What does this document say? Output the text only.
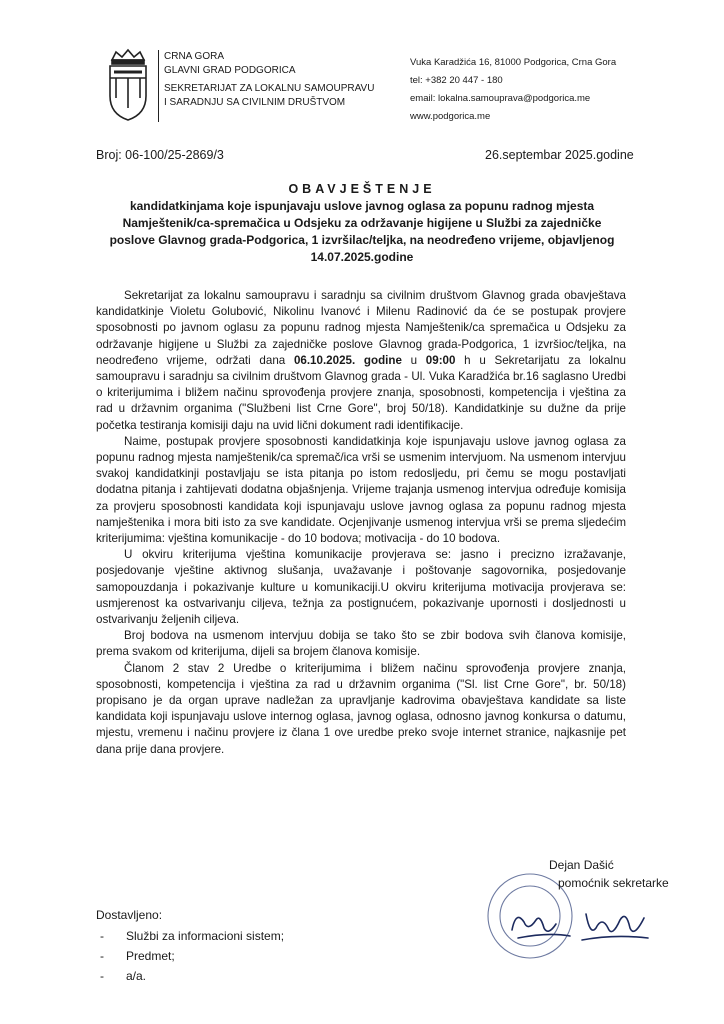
CRNA GORA
GLAVNI GRAD PODGORICA
SEKRETARIJAT ZA LOKALNU SAMOUPRAVU
I SARADNJU SA CIVILNIM DRUŠTVOM
Vuka Karadžića 16, 81000 Podgorica, Crna Gora
tel: +382 20 447 - 180
email: lokalna.samouprava@podgorica.me
www.podgorica.me
Broj: 06-100/25-2869/3	26.septembar 2025.godine
OBAVJEŠTENJE
kandidatkinjama koje ispunjavaju uslove javnog oglasa za popunu radnog mjesta Namještenik/ca-spremačica u Odsjeku za održavanje higijene u Službi za zajedničke poslove Glavnog grada-Podgorica, 1 izvršilac/teljka, na neodređeno vrijeme, objavljenog 14.07.2025.godine

Sekretarijat za lokalnu samoupravu i saradnju sa civilnim društvom Glavnog grada obavještava kandidatkinje Violetu Golubović, Nikolinu Ivanovć i Milenu Radinović da će se postupak provjere sposobnosti po javnom oglasu za popunu radnog mjesta Namještenik/ca spremačica u Odsjeku za održavanje higijene u Službi za zajedničke poslove Glavnog grada-Podgorica, 1 izvršioc/teljka, na neodređeno vrijeme, održati dana 06.10.2025. godine u 09:00 h u Sekretarijatu za lokalnu samoupravu i saradnju sa civilnim društvom Glavnog grada - Ul. Vuka Karadžića br.16 saglasno Uredbi o kriterijumima i bližem načinu sprovođenja provjere znanja, sposobnosti, kompetencija i vještina za rad u državnim organima ("Službeni list Crne Gore", broj 50/18). Kandidatkinje su dužne da prije početka testiranja komisiji daju na uvid lični dokument radi identifikacije.

Naime, postupak provjere sposobnosti kandidatkinja koje ispunjavaju uslove javnog oglasa za popunu radnog mjesta namještenik/ca spremač/ica vrši se usmenim intervjuom. Na usmenom intervjuu svakoj kandidatkinji postavljaju se ista pitanja po istom redosljedu, pri čemu se mogu postavljati dodatna pitanja i zahtijevati dodatna objašnjenja. Vrijeme trajanja usmenog intervjua određuje komisija za provjeru sposobnosti kandidata koji ispunjavaju uslove javnog oglasa za popunu radnog mjesta namještenika i mora biti isto za sve kandidate. Ocjenjivanje usmenog intervjua vrši se prema sljedećim kriterijumima: vještina komunikacije - do 10 bodova; motivacija - do 10 bodova.

U okviru kriterijuma vještina komunikacije provjerava se: jasno i precizno izražavanje, posjedovanje vještine aktivnog slušanja, uvažavanje i poštovanje sagovornika, posjedovanje samopouzdanja i pokazivanje kulture u komunikaciji.U okviru kriterijuma motivacija provjerava se: usmjerenost ka ostvarivanju ciljeva, težnja za postignućem, pokazivanje upornosti i dosljednosti u ostvarivanju željenih ciljeva.

Broj bodova na usmenom intervjuu dobija se tako što se zbir bodova svih članova komisije, prema svakom od kriterijuma, dijeli sa brojem članova komisije.

Članom 2 stav 2 Uredbe o kriterijumima i bližem načinu sprovođenja provjere znanja, sposobnosti, kompetencija i vještina za rad u državnim organima ("Sl. list Crne Gore", br. 50/18) propisano je da organ uprave nadležan za upravljanje kadrovima obavještava kandidate sa liste kandidata koji ispunjavaju uslove internog oglasa, javnog oglasa, odnosno javnog konkursa o datumu, mjestu, vremenu i načinu provjere iz člana 1 ove uredbe preko svoje internet stranice, najkasnije pet dana prije dana provjere.

Dejan Dašić
pomoćnik sekretarke
Dostavljeno:
-	Službi za informacioni sistem;
-	Predmet;
-	a/a.
